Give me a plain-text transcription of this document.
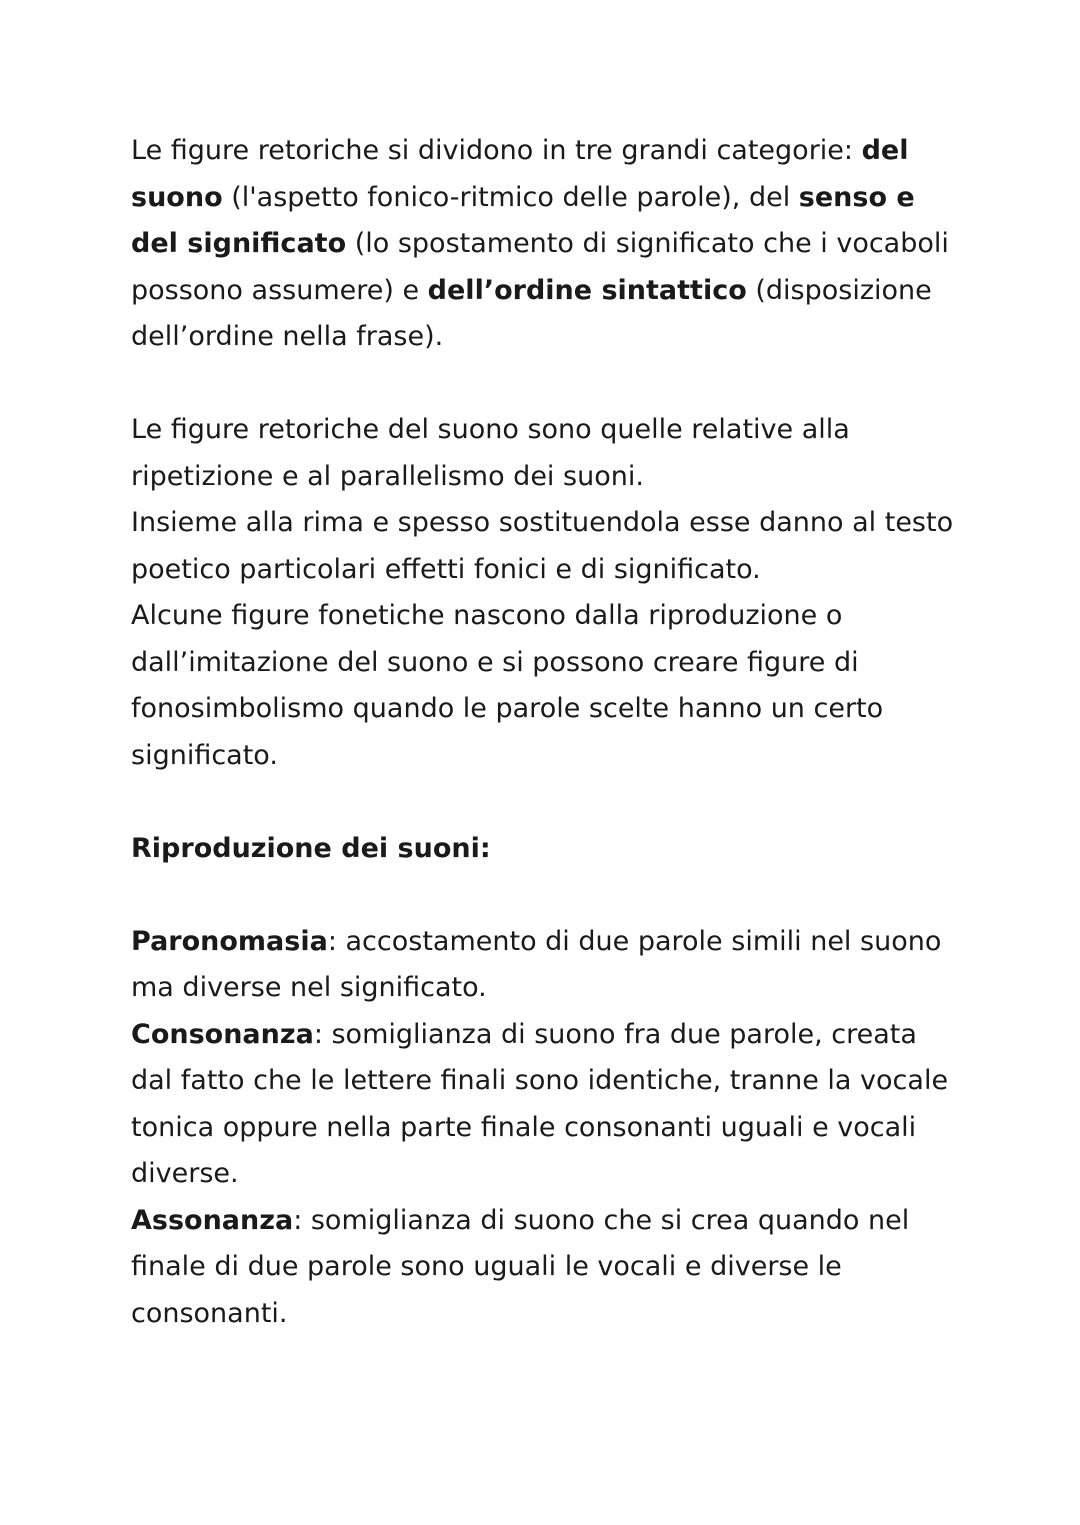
Le figure retoriche si dividono in tre grandi categorie: del suono (l'aspetto fonico-ritmico delle parole), del senso e del significato (lo spostamento di significato che i vocaboli possono assumere) e dell’ordine sintattico (disposizione dell’ordine nella frase).

Le figure retoriche del suono sono quelle relative alla ripetizione e al parallelismo dei suoni.

Insieme alla rima e spesso sostituendola esse danno al testo poetico particolari effetti fonici e di significato.

Alcune figure fonetiche nascono dalla riproduzione o dall’imitazione del suono e si possono creare figure di fonosimbolismo quando le parole scelte hanno un certo significato.

Riproduzione dei suoni:

Paronomasia: accostamento di due parole simili nel suono ma diverse nel significato.

Consonanza: somiglianza di suono fra due parole, creata dal fatto che le lettere finali sono identiche, tranne la vocale tonica oppure nella parte finale consonanti uguali e vocali diverse.

Assonanza: somiglianza di suono che si crea quando nel finale di due parole sono uguali le vocali e diverse le consonanti.
